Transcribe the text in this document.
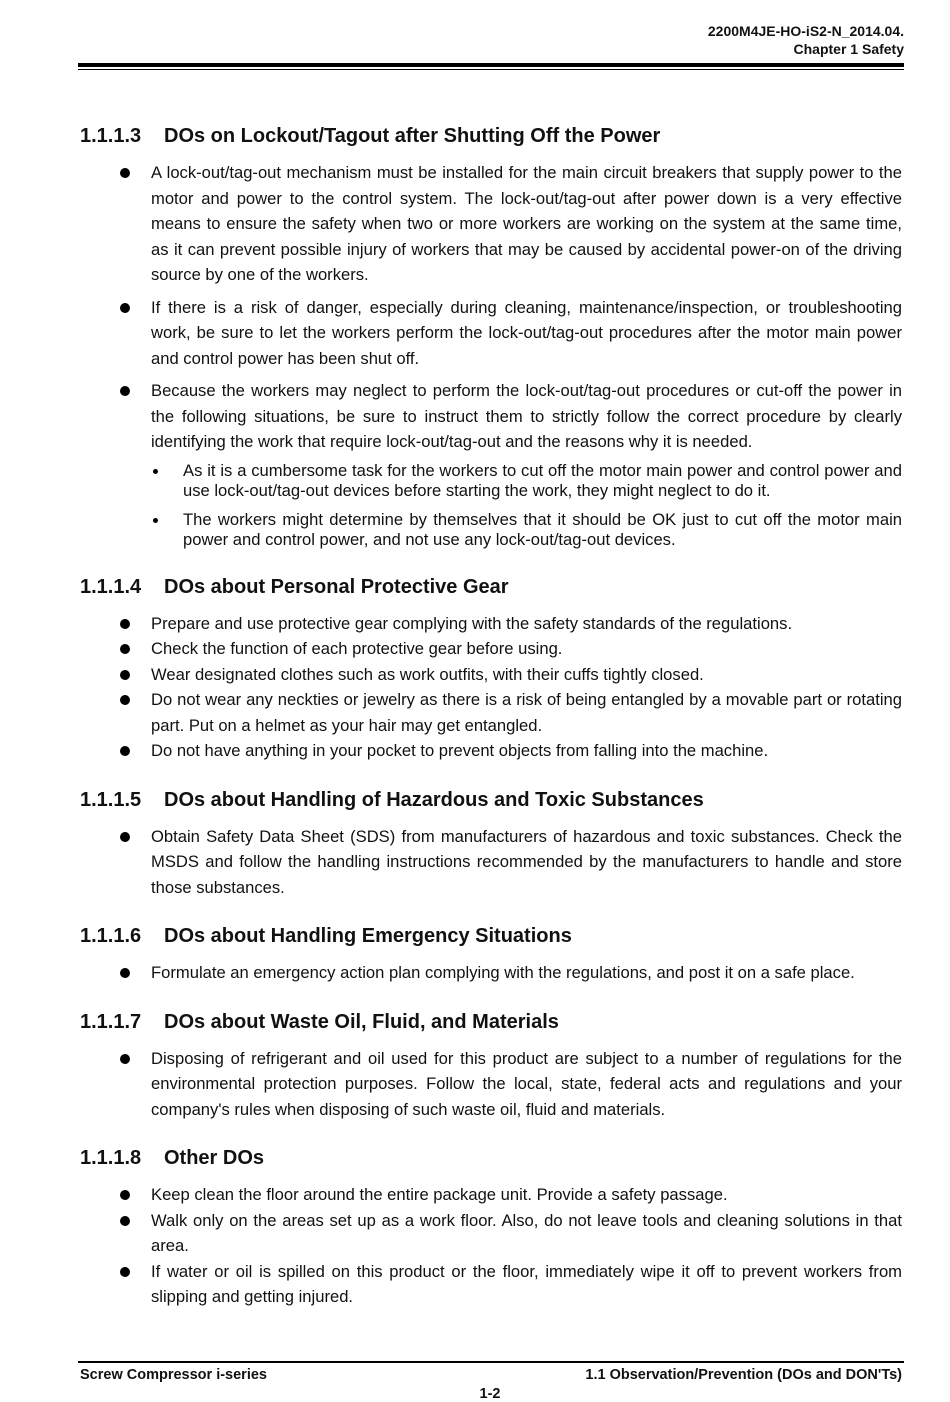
2200M4JE-HO-iS2-N_2014.04.
Chapter 1 Safety
1.1.1.3	DOs on Lockout/Tagout after Shutting Off the Power
A lock-out/tag-out mechanism must be installed for the main circuit breakers that supply power to the motor and power to the control system. The lock-out/tag-out after power down is a very effective means to ensure the safety when two or more workers are working on the system at the same time, as it can prevent possible injury of workers that may be caused by accidental power-on of the driving source by one of the workers.
If there is a risk of danger, especially during cleaning, maintenance/inspection, or troubleshooting work, be sure to let the workers perform the lock-out/tag-out procedures after the motor main power and control power has been shut off.
Because the workers may neglect to perform the lock-out/tag-out procedures or cut-off the power in the following situations, be sure to instruct them to strictly follow the correct procedure by clearly identifying the work that require lock-out/tag-out and the reasons why it is needed.
As it is a cumbersome task for the workers to cut off the motor main power and control power and use lock-out/tag-out devices before starting the work, they might neglect to do it.
The workers might determine by themselves that it should be OK just to cut off the motor main power and control power, and not use any lock-out/tag-out devices.
1.1.1.4	DOs about Personal Protective Gear
Prepare and use protective gear complying with the safety standards of the regulations.
Check the function of each protective gear before using.
Wear designated clothes such as work outfits, with their cuffs tightly closed.
Do not wear any neckties or jewelry as there is a risk of being entangled by a movable part or rotating part. Put on a helmet as your hair may get entangled.
Do not have anything in your pocket to prevent objects from falling into the machine.
1.1.1.5	DOs about Handling of Hazardous and Toxic Substances
Obtain Safety Data Sheet (SDS) from manufacturers of hazardous and toxic substances. Check the MSDS and follow the handling instructions recommended by the manufacturers to handle and store those substances.
1.1.1.6	DOs about Handling Emergency Situations
Formulate an emergency action plan complying with the regulations, and post it on a safe place.
1.1.1.7	DOs about Waste Oil, Fluid, and Materials
Disposing of refrigerant and oil used for this product are subject to a number of regulations for the environmental protection purposes. Follow the local, state, federal acts and regulations and your company's rules when disposing of such waste oil, fluid and materials.
1.1.1.8	Other DOs
Keep clean the floor around the entire package unit. Provide a safety passage.
Walk only on the areas set up as a work floor. Also, do not leave tools and cleaning solutions in that area.
If water or oil is spilled on this product or the floor, immediately wipe it off to prevent workers from slipping and getting injured.
Screw Compressor i-series	1.1 Observation/Prevention (DOs and DON'Ts)
1-2
